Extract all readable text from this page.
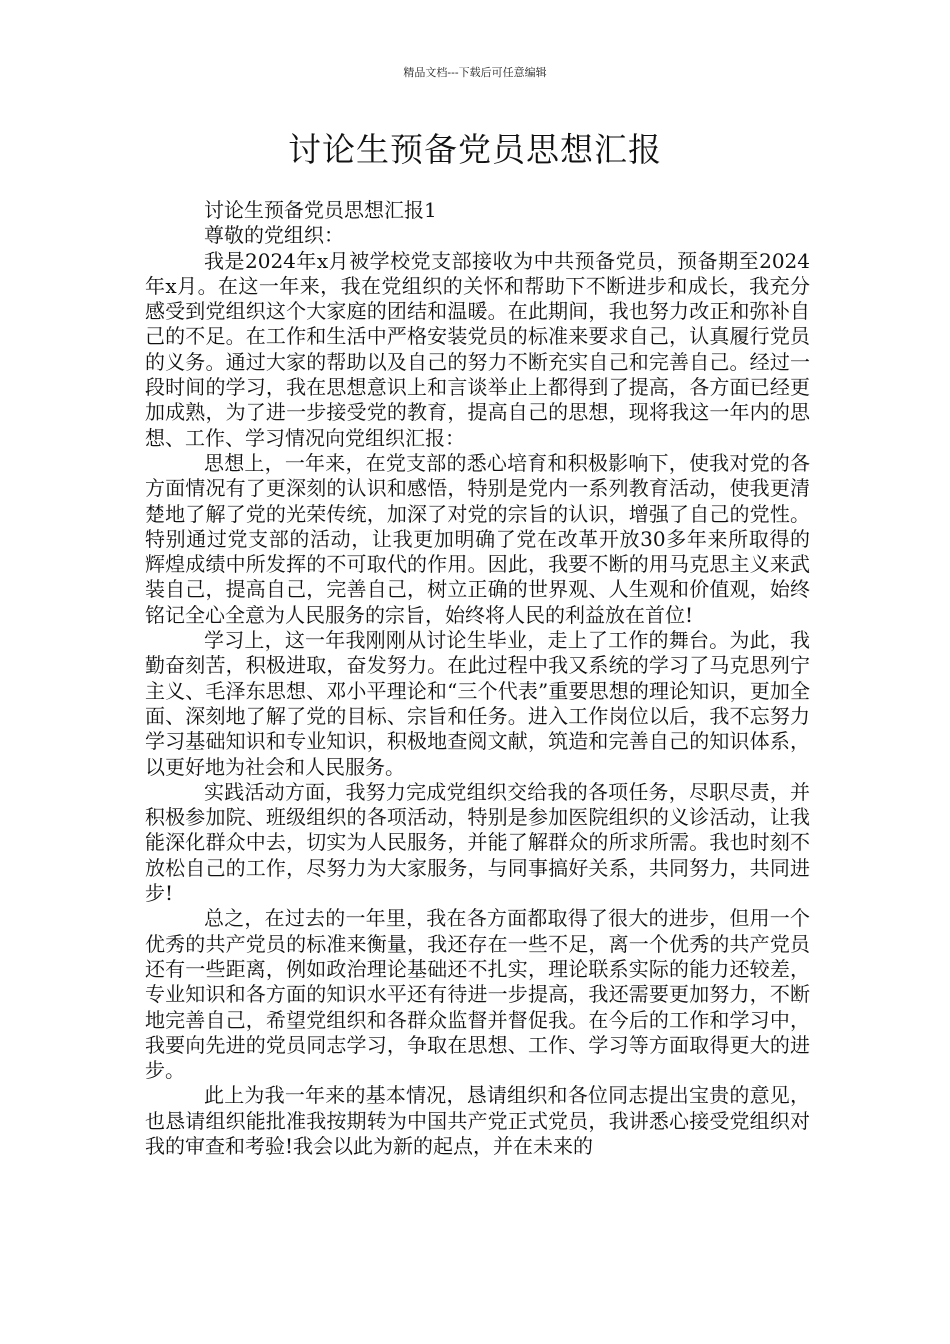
精品文档---下载后可任意编辑
讨论生预备党员思想汇报

讨论生预备党员思想汇报1

尊敬的党组织：

我是2024年x月被学校党支部接收为中共预备党员，预备期至2024年x月。在这一年来，我在党组织的关怀和帮助下不断进步和成长，我充分感受到党组织这个大家庭的团结和温暖。在此期间，我也努力改正和弥补自己的不足。在工作和生活中严格安装党员的标准来要求自己，认真履行党员的义务。通过大家的帮助以及自己的努力不断充实自己和完善自己。经过一段时间的学习，我在思想意识上和言谈举止上都得到了提高，各方面已经更加成熟，为了进一步接受党的教育，提高自己的思想，现将我这一年内的思想、工作、学习情况向党组织汇报：

思想上，一年来，在党支部的悉心培育和积极影响下，使我对党的各方面情况有了更深刻的认识和感悟，特别是党内一系列教育活动，使我更清楚地了解了党的光荣传统，加深了对党的宗旨的认识，增强了自己的党性。特别通过党支部的活动，让我更加明确了党在改革开放30多年来所取得的辉煌成绩中所发挥的不可取代的作用。因此，我要不断的用马克思主义来武装自己，提高自己，完善自己，树立正确的世界观、人生观和价值观，始终铭记全心全意为人民服务的宗旨，始终将人民的利益放在首位!

学习上，这一年我刚刚从讨论生毕业，走上了工作的舞台。为此，我勤奋刻苦，积极进取，奋发努力。在此过程中我又系统的学习了马克思列宁主义、毛泽东思想、邓小平理论和“三个代表”重要思想的理论知识，更加全面、深刻地了解了党的目标、宗旨和任务。进入工作岗位以后，我不忘努力学习基础知识和专业知识，积极地查阅文献，筑造和完善自己的知识体系，以更好地为社会和人民服务。

实践活动方面，我努力完成党组织交给我的各项任务，尽职尽责，并积极参加院、班级组织的各项活动，特别是参加医院组织的义诊活动，让我能深化群众中去，切实为人民服务，并能了解群众的所求所需。我也时刻不放松自己的工作，尽努力为大家服务，与同事搞好关系，共同努力，共同进步!

总之，在过去的一年里，我在各方面都取得了很大的进步，但用一个优秀的共产党员的标准来衡量，我还存在一些不足，离一个优秀的共产党员还有一些距离，例如政治理论基础还不扎实，理论联系实际的能力还较差，专业知识和各方面的知识水平还有待进一步提高，我还需要更加努力，不断地完善自己，希望党组织和各群众监督并督促我。在今后的工作和学习中，我要向先进的党员同志学习，争取在思想、工作、学习等方面取得更大的进步。

此上为我一年来的基本情况，恳请组织和各位同志提出宝贵的意见，也恳请组织能批准我按期转为中国共产党正式党员，我讲悉心接受党组织对我的审查和考验!我会以此为新的起点，并在未来的
